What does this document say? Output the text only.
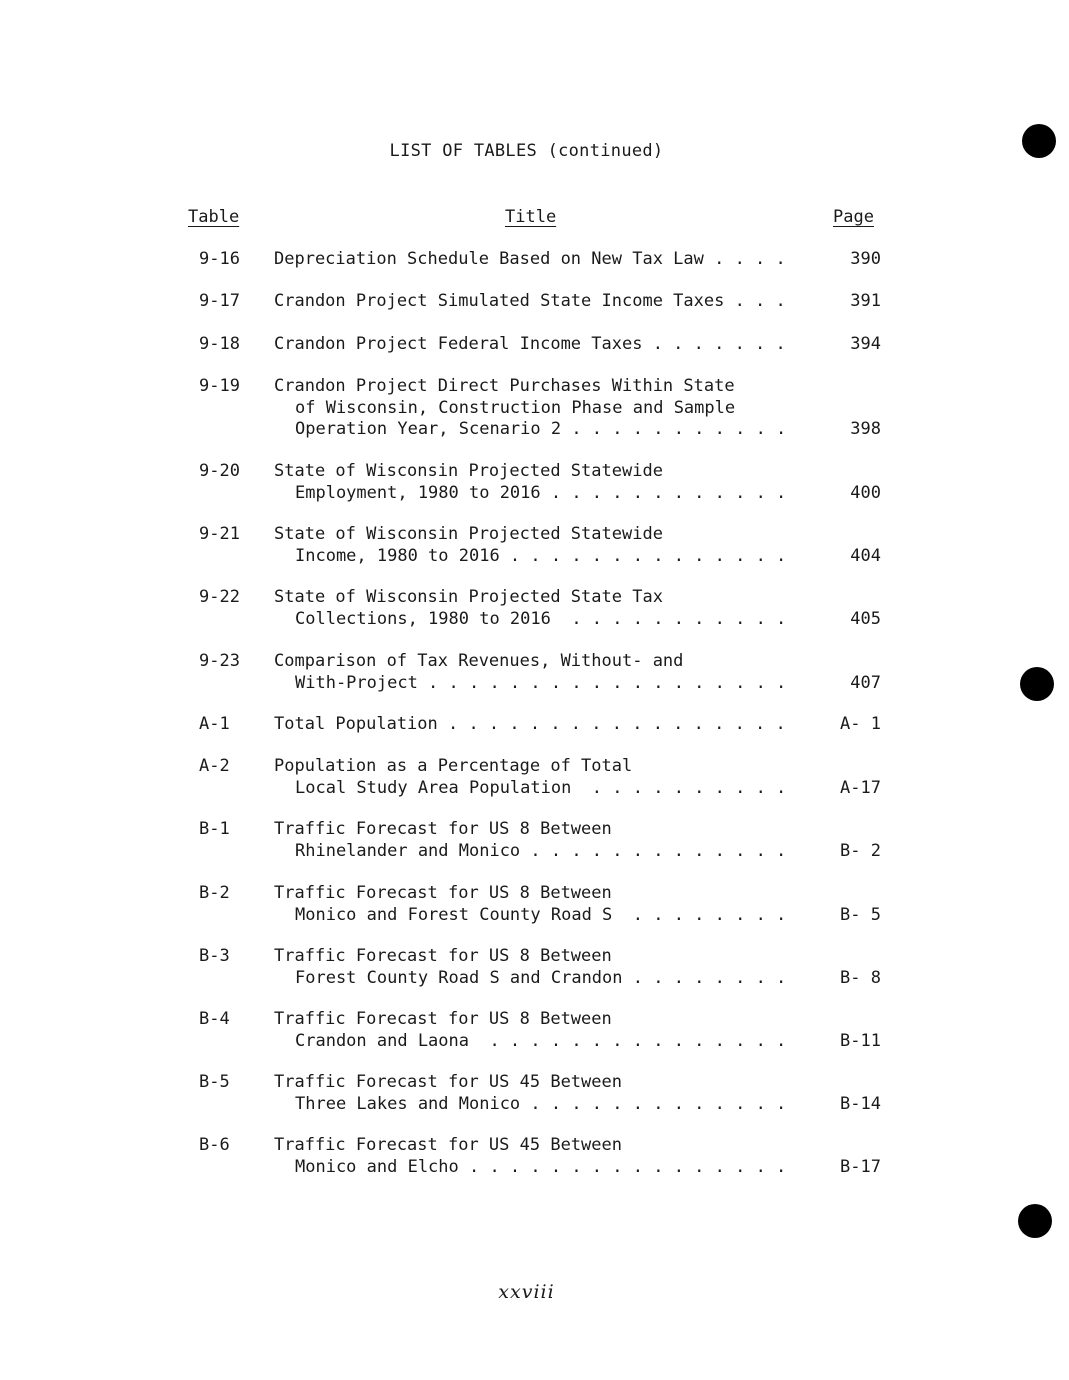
LIST OF TABLES (continued)
Table	Title	Page
9-16 Depreciation Schedule Based on New Tax Law . . . .	390
9-17 Crandon Project Simulated State Income Taxes . . .	391
9-18 Crandon Project Federal Income Taxes . . . . . . .	394
9-19 Crandon Project Direct Purchases Within State
of Wisconsin, Construction Phase and Sample
Operation Year, Scenario 2 . . . . . . . . . . .	398
9-20 State of Wisconsin Projected Statewide
Employment, 1980 to 2016 . . . . . . . . . . . .	400
9-21 State of Wisconsin Projected Statewide
Income, 1980 to 2016 . . . . . . . . . . . . . .	404
9-22 State of Wisconsin Projected State Tax
Collections, 1980 to 2016  . . . . . . . . . . .	405
9-23 Comparison of Tax Revenues, Without- and
With-Project . . . . . . . . . . . . . . . . . .	407
A-1	Total Population . . . . . . . . . . . . . . . . .	A- 1
A-2	Population as a Percentage of Total
Local Study Area Population  . . . . . . . . . .	A-17
B-1	Traffic Forecast for US 8 Between
Rhinelander and Monico . . . . . . . . . . . . .	B- 2
B-2	Traffic Forecast for US 8 Between
Monico and Forest County Road S  . . . . . . . .	B- 5
B-3	Traffic Forecast for US 8 Between
Forest County Road S and Crandon . . . . . . . .	B- 8
B-4	Traffic Forecast for US 8 Between
Crandon and Laona  . . . . . . . . . . . . . . .	B-11
B-5	Traffic Forecast for US 45 Between
Three Lakes and Monico . . . . . . . . . . . . .	B-14
B-6	Traffic Forecast for US 45 Between
Monico and Elcho . . . . . . . . . . . . . . . .	B-17
xxviii
